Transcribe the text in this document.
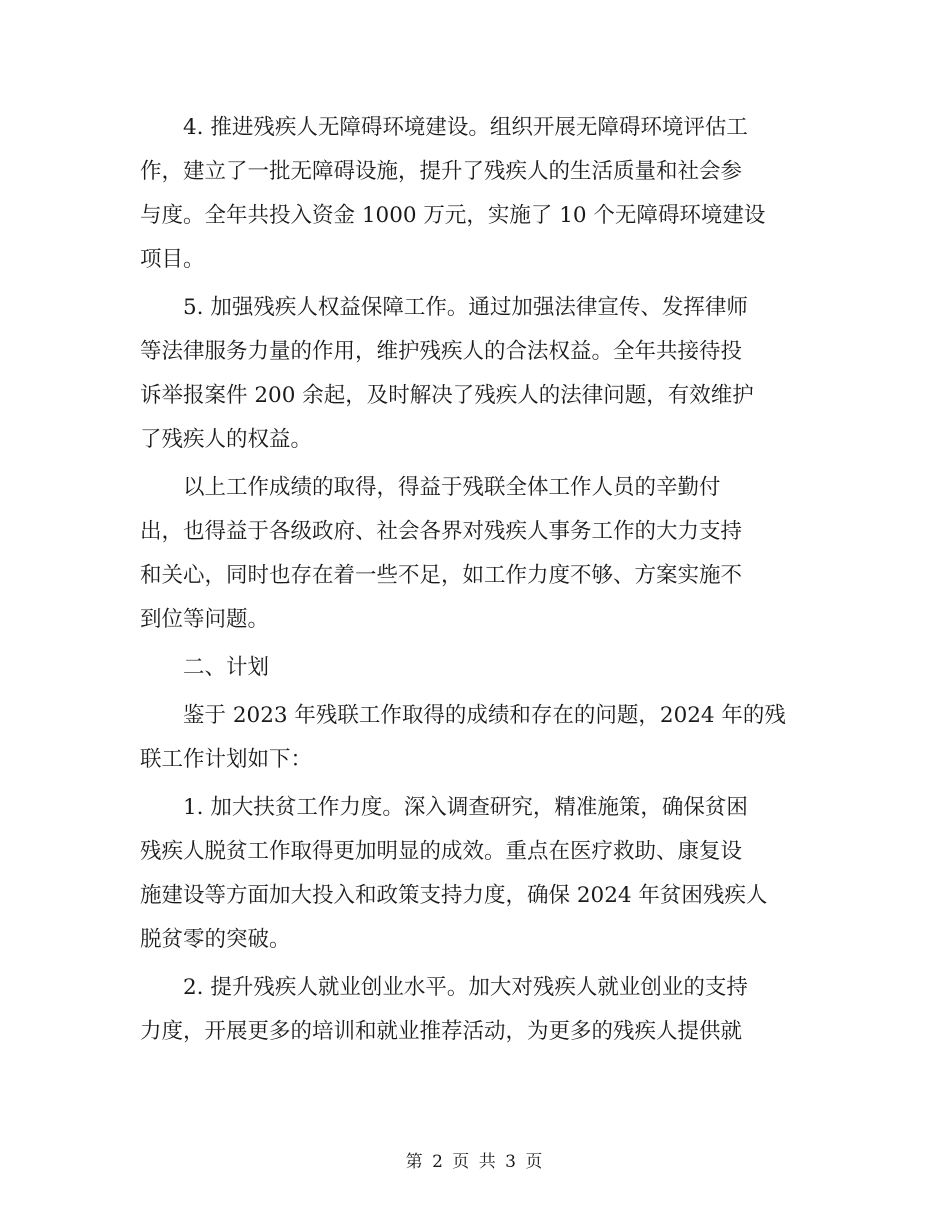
4. 推进残疾人无障碍环境建设。组织开展无障碍环境评估工
作，建立了一批无障碍设施，提升了残疾人的生活质量和社会参
与度。全年共投入资金 1000 万元，实施了 10 个无障碍环境建设
项目。

5. 加强残疾人权益保障工作。通过加强法律宣传、发挥律师
等法律服务力量的作用，维护残疾人的合法权益。全年共接待投
诉举报案件 200 余起，及时解决了残疾人的法律问题，有效维护
了残疾人的权益。

以上工作成绩的取得，得益于残联全体工作人员的辛勤付
出，也得益于各级政府、社会各界对残疾人事务工作的大力支持
和关心，同时也存在着一些不足，如工作力度不够、方案实施不
到位等问题。

二、计划

鉴于 2023 年残联工作取得的成绩和存在的问题，2024 年的残
联工作计划如下：

1. 加大扶贫工作力度。深入调查研究，精准施策，确保贫困
残疾人脱贫工作取得更加明显的成效。重点在医疗救助、康复设
施建设等方面加大投入和政策支持力度，确保 2024 年贫困残疾人
脱贫零的突破。

2. 提升残疾人就业创业水平。加大对残疾人就业创业的支持
力度，开展更多的培训和就业推荐活动，为更多的残疾人提供就

第 2 页 共 3 页
